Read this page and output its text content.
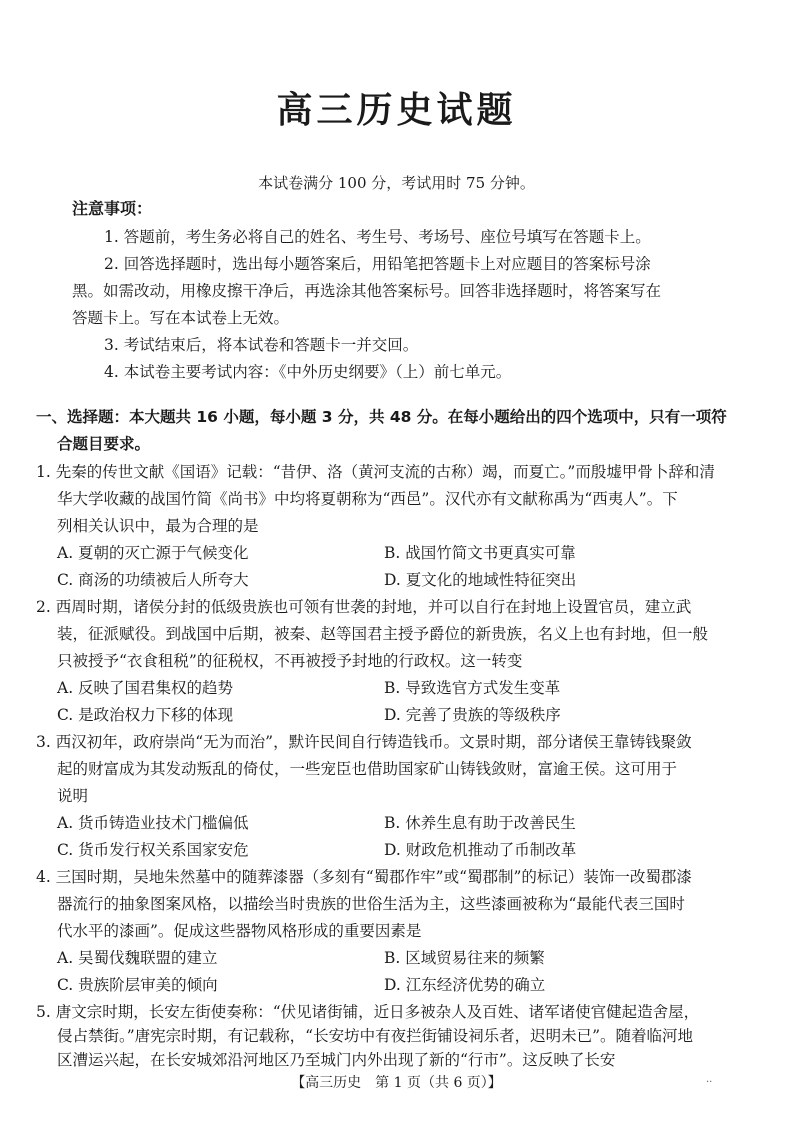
高三历史试题
本试卷满分 100 分，考试用时 75 分钟。
注意事项：
1. 答题前，考生务必将自己的姓名、考生号、考场号、座位号填写在答题卡上。
2. 回答选择题时，选出每小题答案后，用铅笔把答题卡上对应题目的答案标号涂
黑。如需改动，用橡皮擦干净后，再选涂其他答案标号。回答非选择题时，将答案写在
答题卡上。写在本试卷上无效。
3. 考试结束后，将本试卷和答题卡一并交回。
4. 本试卷主要考试内容：《中外历史纲要》（上）前七单元。
一、选择题：本大题共 16 小题，每小题 3 分，共 48 分。在每小题给出的四个选项中，只有一项符
合题目要求。
1. 先秦的传世文献《国语》记载：“昔伊、洛（黄河支流的古称）竭，而夏亡。”而殷墟甲骨卜辞和清
华大学收藏的战国竹简《尚书》中均将夏朝称为“西邑”。汉代亦有文献称禹为“西夷人”。下
列相关认识中，最为合理的是
A. 夏朝的灭亡源于气候变化	B. 战国竹简文书更真实可靠
C. 商汤的功绩被后人所夸大	D. 夏文化的地域性特征突出
2. 西周时期，诸侯分封的低级贵族也可领有世袭的封地，并可以自行在封地上设置官员，建立武
装，征派赋役。到战国中后期，被秦、赵等国君主授予爵位的新贵族，名义上也有封地，但一般
只被授予“衣食租税”的征税权，不再被授予封地的行政权。这一转变
A. 反映了国君集权的趋势	B. 导致选官方式发生变革
C. 是政治权力下移的体现	D. 完善了贵族的等级秩序
3. 西汉初年，政府崇尚“无为而治”，默许民间自行铸造钱币。文景时期，部分诸侯王靠铸钱聚敛
起的财富成为其发动叛乱的倚仗，一些宠臣也借助国家矿山铸钱敛财，富逾王侯。这可用于
说明
A. 货币铸造业技术门槛偏低	B. 休养生息有助于改善民生
C. 货币发行权关系国家安危	D. 财政危机推动了币制改革
4. 三国时期，吴地朱然墓中的随葬漆器（多刻有“蜀郡作牢”或“蜀郡制”的标记）装饰一改蜀郡漆
器流行的抽象图案风格，以描绘当时贵族的世俗生活为主，这些漆画被称为“最能代表三国时
代水平的漆画”。促成这些器物风格形成的重要因素是
A. 吴蜀伐魏联盟的建立	B. 区域贸易往来的频繁
C. 贵族阶层审美的倾向	D. 江东经济优势的确立
5. 唐文宗时期，长安左街使奏称：“伏见诸街铺，近日多被杂人及百姓、诸军诸使官健起造舍屋，
侵占禁街。”唐宪宗时期，有记载称，“长安坊中有夜拦街铺设祠乐者，迟明未已”。随着临河地
区漕运兴起，在长安城郊沿河地区乃至城门内外出现了新的“行市”。这反映了长安
【高三历史　第 1 页（共 6 页）】	..
